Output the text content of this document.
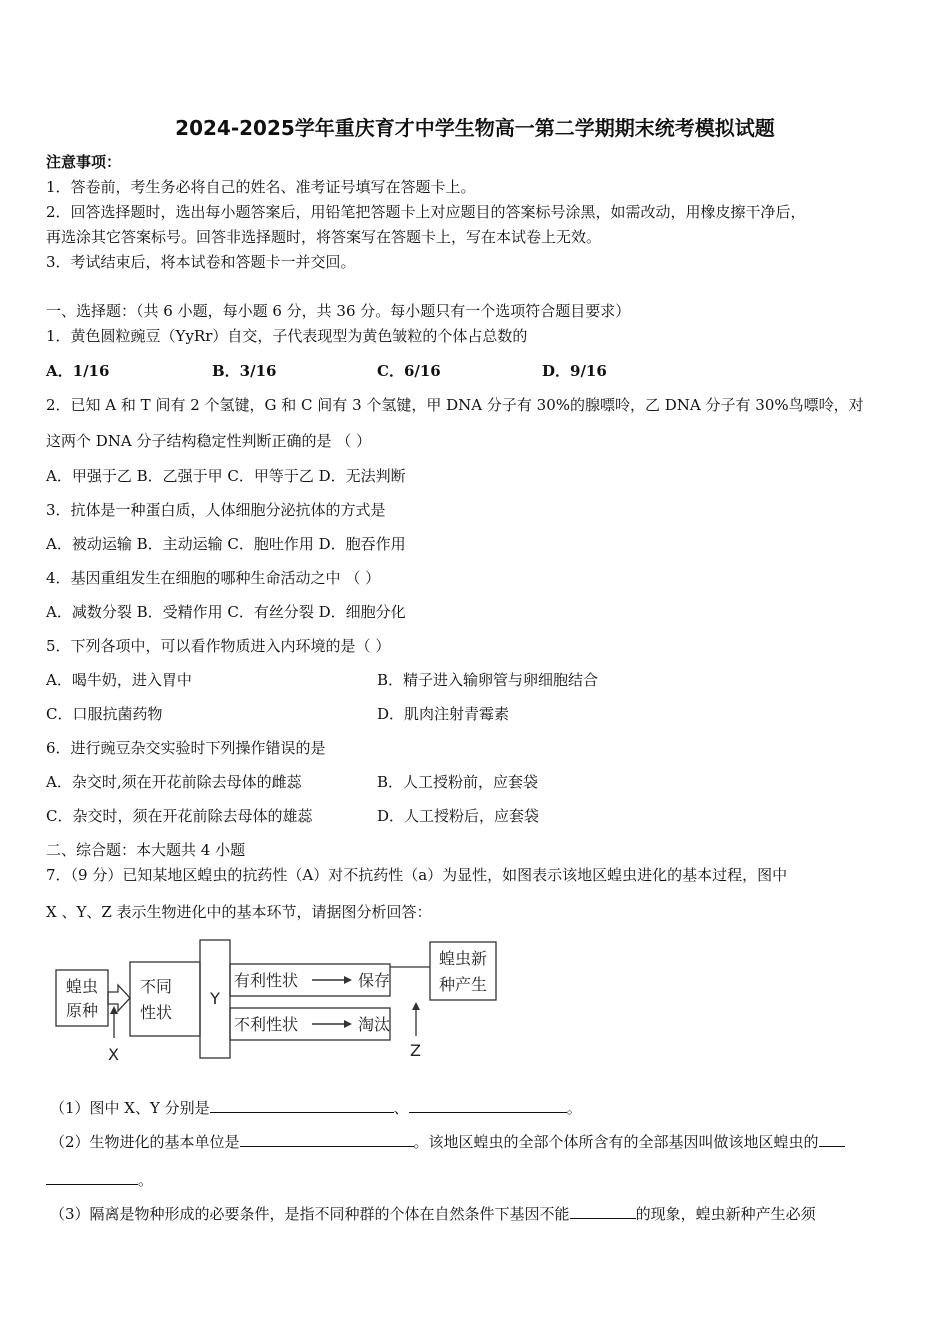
2024-2025学年重庆育才中学生物高一第二学期期末统考模拟试题
注意事项：
1．答卷前，考生务必将自己的姓名、准考证号填写在答题卡上。
2．回答选择题时，选出每小题答案后，用铅笔把答题卡上对应题目的答案标号涂黑，如需改动，用橡皮擦干净后，
再选涂其它答案标号。回答非选择题时，将答案写在答题卡上，写在本试卷上无效。
3．考试结束后，将本试卷和答题卡一并交回。
一、选择题：（共 6 小题，每小题 6 分，共 36 分。每小题只有一个选项符合题目要求）
1．黄色圆粒豌豆（YyRr）自交，子代表现型为黄色皱粒的个体占总数的
A．1/16	B．3/16	C．6/16	D．9/16
2．已知 A 和 T 间有 2 个氢键，G 和 C 间有 3 个氢键，甲 DNA 分子有 30%的腺嘌呤，乙 DNA 分子有 30%鸟嘌呤，对
这两个 DNA 分子结构稳定性判断正确的是 （ ）
A．甲强于乙 B．乙强于甲 C．甲等于乙 D．无法判断
3．抗体是一种蛋白质，人体细胞分泌抗体的方式是
A．被动运输 B．主动运输 C．胞吐作用 D．胞吞作用
4．基因重组发生在细胞的哪种生命活动之中 （ ）
A．减数分裂 B．受精作用 C．有丝分裂 D．细胞分化
5．下列各项中，可以看作物质进入内环境的是（ ）
A．喝牛奶，进入胃中	B．精子进入输卵管与卵细胞结合
C．口服抗菌药物	D．肌肉注射青霉素
6．进行豌豆杂交实验时下列操作错误的是
A．杂交时,须在开花前除去母体的雌蕊	B．人工授粉前，应套袋
C．杂交时，须在开花前除去母体的雄蕊	D．人工授粉后，应套袋
二、综合题：本大题共 4 小题
7．（9 分）已知某地区蝗虫的抗药性（A）对不抗药性（a）为显性，如图表示该地区蝗虫进化的基本过程，图中
X 、Y、Z 表示生物进化中的基本环节，请据图分析回答：
蝗虫
原种
不同
性状
Y
有利性状	保存
不利性状	淘汰
蝗虫新
种产生
X	Z
（1）图中 X、Y 分别是	、	。
（2）生物进化的基本单位是	。该地区蝗虫的全部个体所含有的全部基因叫做该地区蝗虫的
。
（3）隔离是物种形成的必要条件，是指不同种群的个体在自然条件下基因不能	的现象，蝗虫新种产生必须
